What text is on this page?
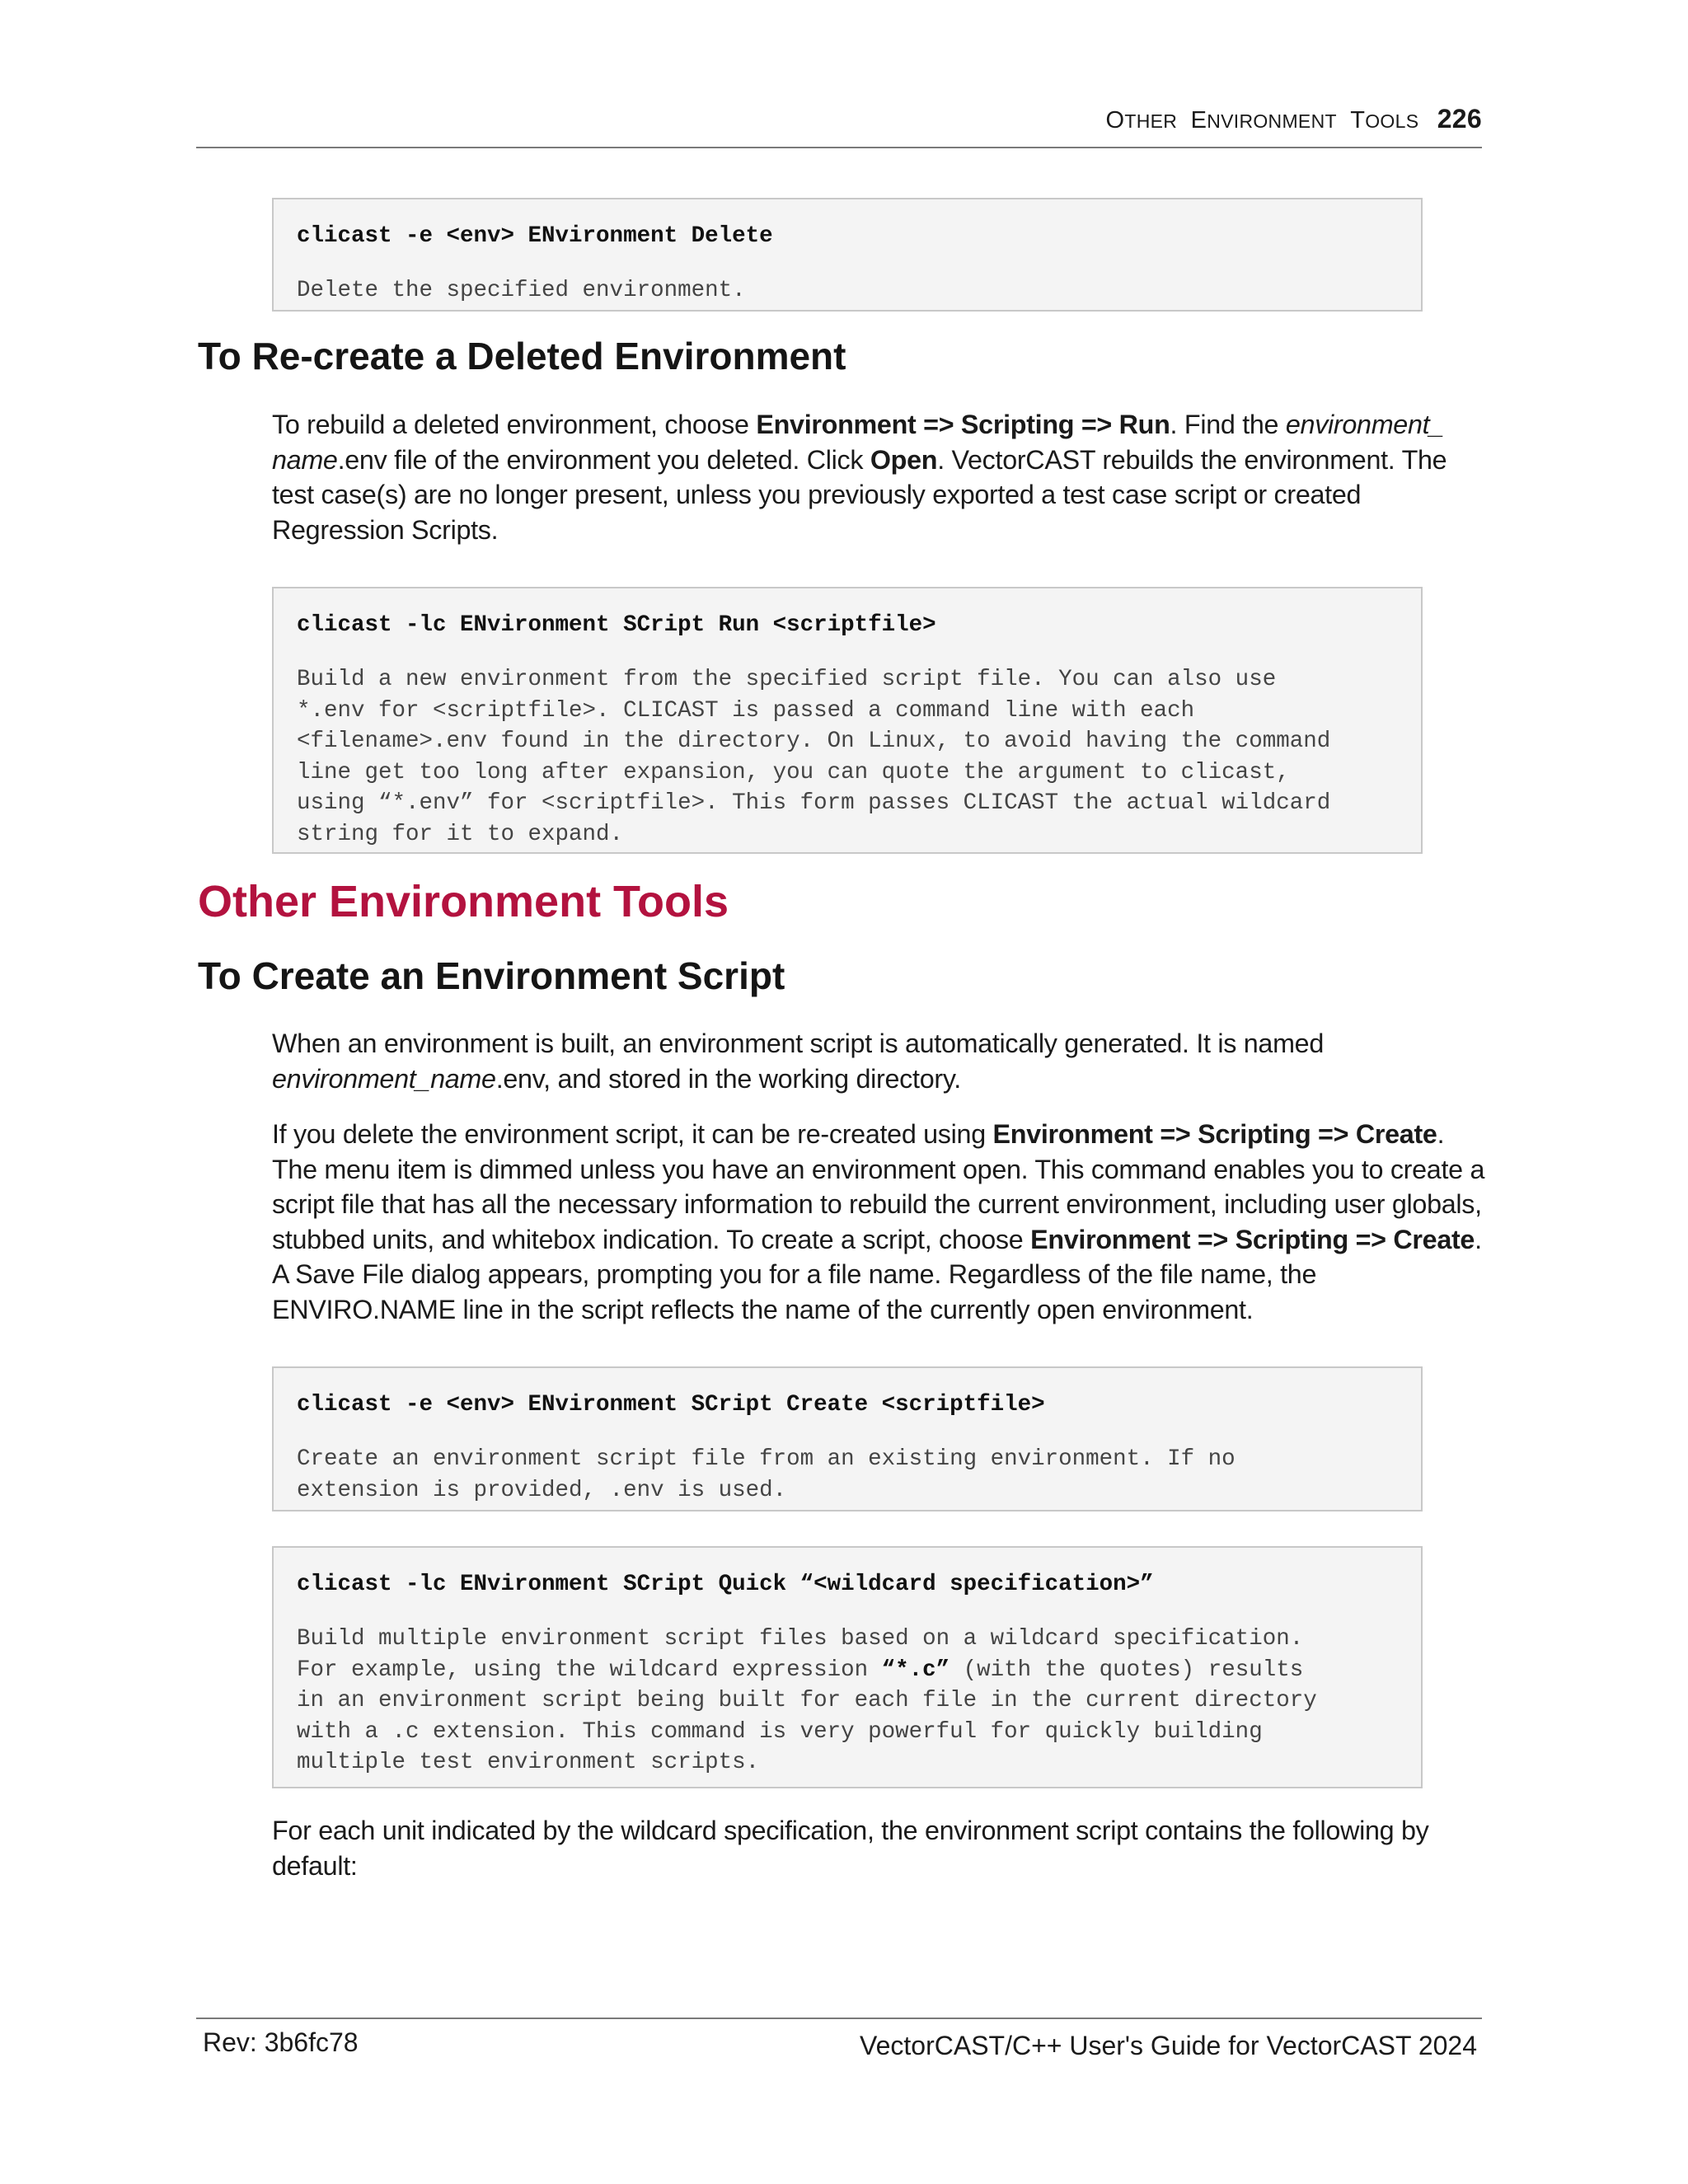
OTHER ENVIRONMENT TOOLS 226
clicast -e <env> ENvironment Delete
Delete the specified environment.
To Re-create a Deleted Environment
To rebuild a deleted environment, choose Environment => Scripting => Run. Find the environment_ name.env file of the environment you deleted. Click Open. VectorCAST rebuilds the environment. The test case(s) are no longer present, unless you previously exported a test case script or created Regression Scripts.
clicast -lc ENvironment SCript Run <scriptfile>
Build a new environment from the specified script file. You can also use
*.env for <scriptfile>. CLICAST is passed a command line with each
<filename>.env found in the directory. On Linux, to avoid having the command
line get too long after expansion, you can quote the argument to clicast,
using “*.env” for <scriptfile>. This form passes CLICAST the actual wildcard
string for it to expand.
Other Environment Tools
To Create an Environment Script
When an environment is built, an environment script is automatically generated. It is named environment_name.env, and stored in the working directory.
If you delete the environment script, it can be re-created using Environment => Scripting => Create. The menu item is dimmed unless you have an environment open. This command enables you to create a script file that has all the necessary information to rebuild the current environment, including user globals, stubbed units, and whitebox indication. To create a script, choose Environment => Scripting => Create. A Save File dialog appears, prompting you for a file name. Regardless of the file name, the ENVIRO.NAME line in the script reflects the name of the currently open environment.
clicast -e <env> ENvironment SCript Create <scriptfile>
Create an environment script file from an existing environment. If no
extension is provided, .env is used.
clicast -lc ENvironment SCript Quick “<wildcard specification>”
Build multiple environment script files based on a wildcard specification.
For example, using the wildcard expression “*.c” (with the quotes) results
in an environment script being built for each file in the current directory
with a .c extension. This command is very powerful for quickly building
multiple test environment scripts.
For each unit indicated by the wildcard specification, the environment script contains the following by default:
Rev: 3b6fc78	VectorCAST/C++ User's Guide for VectorCAST 2024
